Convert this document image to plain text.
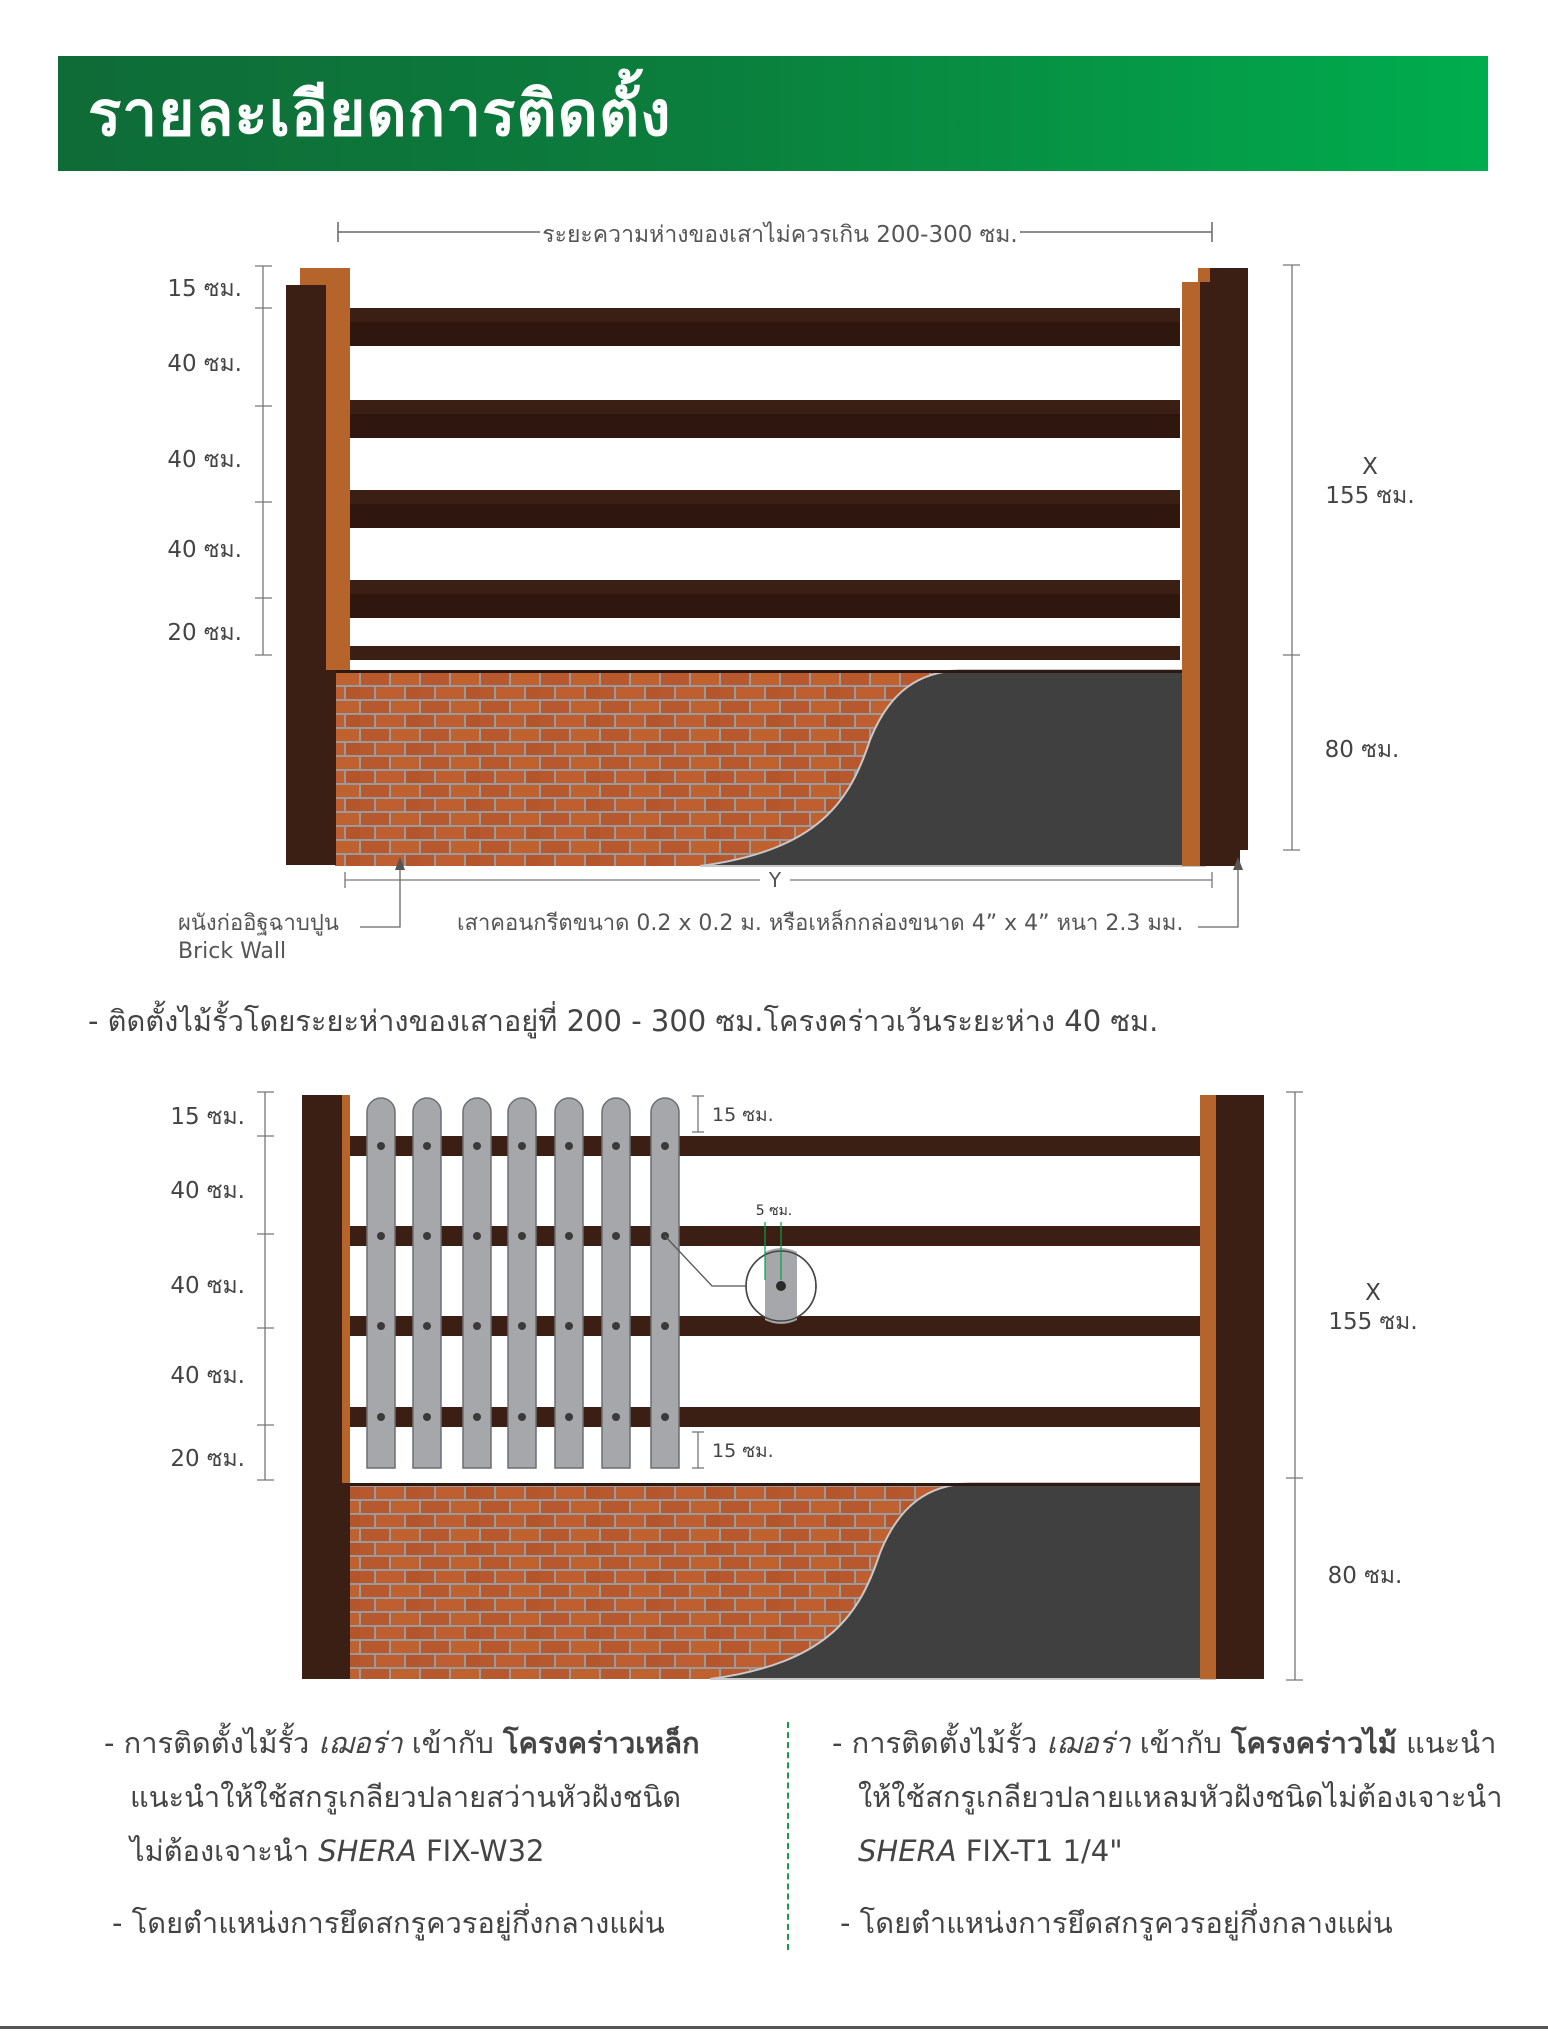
รายละเอียดการติดตั้ง
ระยะความห่างของเสาไม่ควรเกิน 200-300 ซม.
15 ซม.
40 ซม.
40 ซม.
40 ซม.
20 ซม.
X
155 ซม.
80 ซม.
Y
ผนังก่ออิฐฉาบปูน
Brick Wall
เสาคอนกรีตขนาด 0.2 x 0.2 ม. หรือเหล็กกล่องขนาด 4” x 4” หนา 2.3 มม.
- ติดตั้งไม้รั้วโดยระยะห่างของเสาอยู่ที่ 200 - 300 ซม.โครงคร่าวเว้นระยะห่าง 40 ซม.
15 ซม.
15 ซม.
5 ซม.
15 ซม.
40 ซม.
40 ซม.
40 ซม.
20 ซม.
X
155 ซม.
80 ซม.

- การติดตั้งไม้รั้ว เฌอร่า เข้ากับ โครงคร่าวเหล็ก

แนะนำให้ใช้สกรูเกลียวปลายสว่านหัวฝังชนิด

ไม่ต้องเจาะนำ SHERA FIX-W32

- โดยตำแหน่งการยึดสกรูควรอยู่กึ่งกลางแผ่น

- การติดตั้งไม้รั้ว เฌอร่า เข้ากับ โครงคร่าวไม้ แนะนำ

ให้ใช้สกรูเกลียวปลายแหลมหัวฝังชนิดไม่ต้องเจาะนำ

SHERA FIX-T1 1/4"

- โดยตำแหน่งการยึดสกรูควรอยู่กึ่งกลางแผ่น
